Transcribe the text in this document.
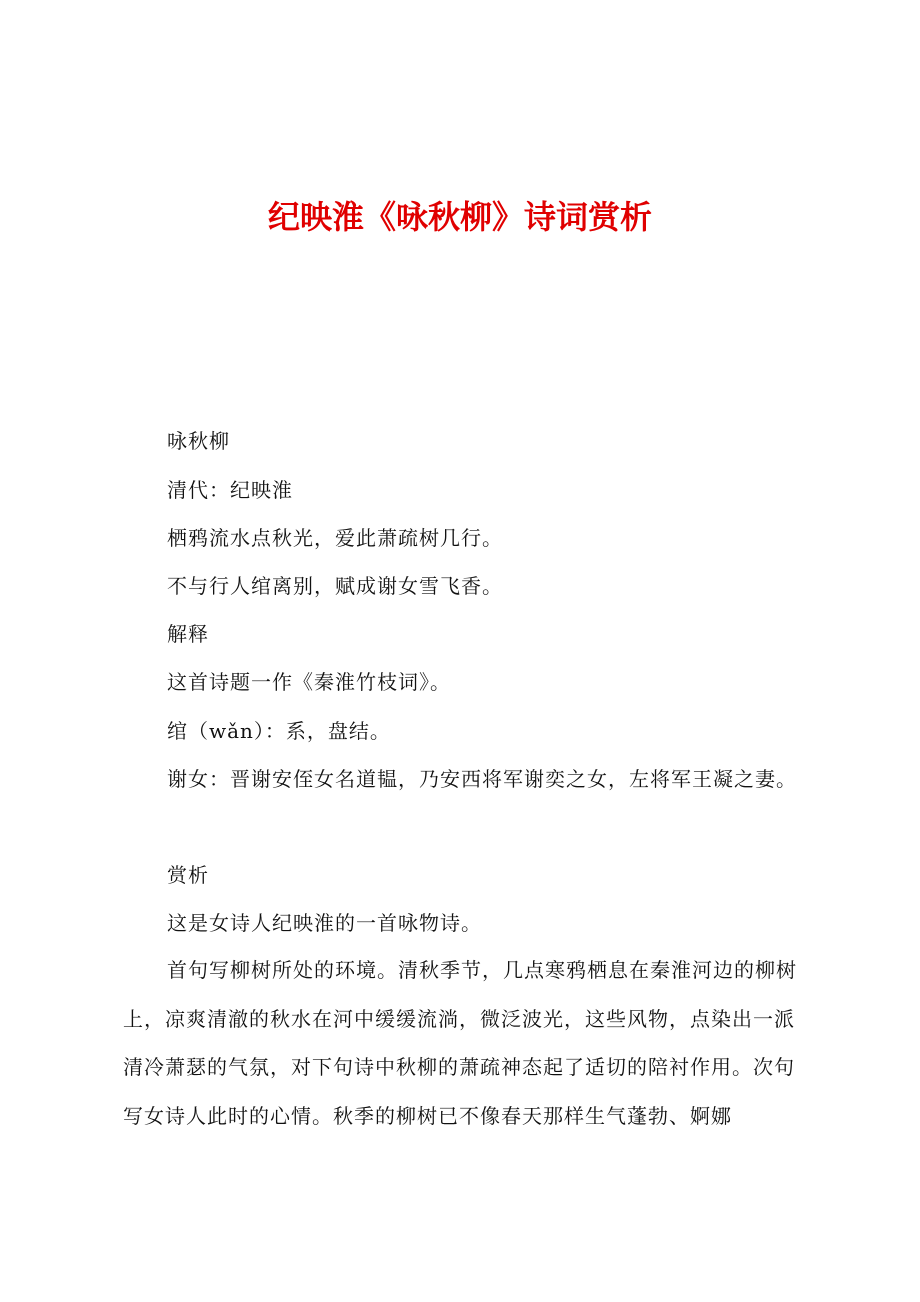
纪映淮《咏秋柳》诗词赏析

咏秋柳

清代：纪映淮

栖鸦流水点秋光，爱此萧疏树几行。

不与行人绾离别，赋成谢女雪飞香。

解释

这首诗题一作《秦淮竹枝词》。

绾（wǎn）：系，盘结。

谢女：晋谢安侄女名道韫，乃安西将军谢奕之女，左将军王凝之妻。

赏析

这是女诗人纪映淮的一首咏物诗。

首句写柳树所处的环境。清秋季节，几点寒鸦栖息在秦淮河边的柳树上，凉爽清澈的秋水在河中缓缓流淌，微泛波光，这些风物，点染出一派清冷萧瑟的气氛，对下句诗中秋柳的萧疏神态起了适切的陪衬作用。次句写女诗人此时的心情。秋季的柳树已不像春天那样生气蓬勃、婀娜
